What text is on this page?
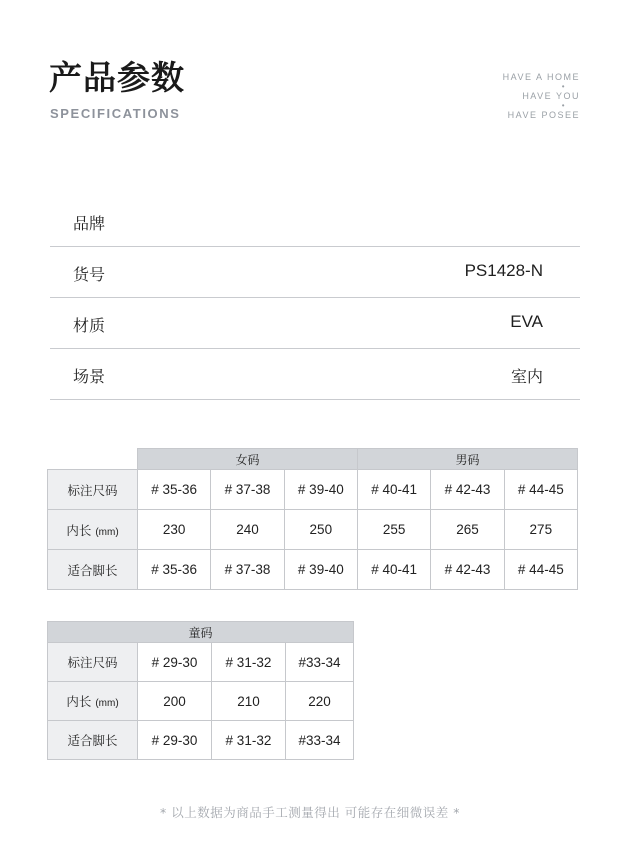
产品参数
SPECIFICATIONS
HAVE A HOME
•
HAVE YOU
•
HAVE POSEE
品牌
货号	PS1428-N
材质	EVA
场景	室内
	女码			男码		
标注尺码	# 35-36	# 37-38	# 39-40	# 40-41	# 42-43	# 44-45
内长 (mm)	230	240	250	255	265	275
适合脚长	# 35-36	# 37-38	# 39-40	# 40-41	# 42-43	# 44-45
童码			
标注尺码	# 29-30	# 31-32	#33-34
内长 (mm)	200	210	220
适合脚长	# 29-30	# 31-32	#33-34
* 以上数据为商品手工测量得出 可能存在细微误差 *
